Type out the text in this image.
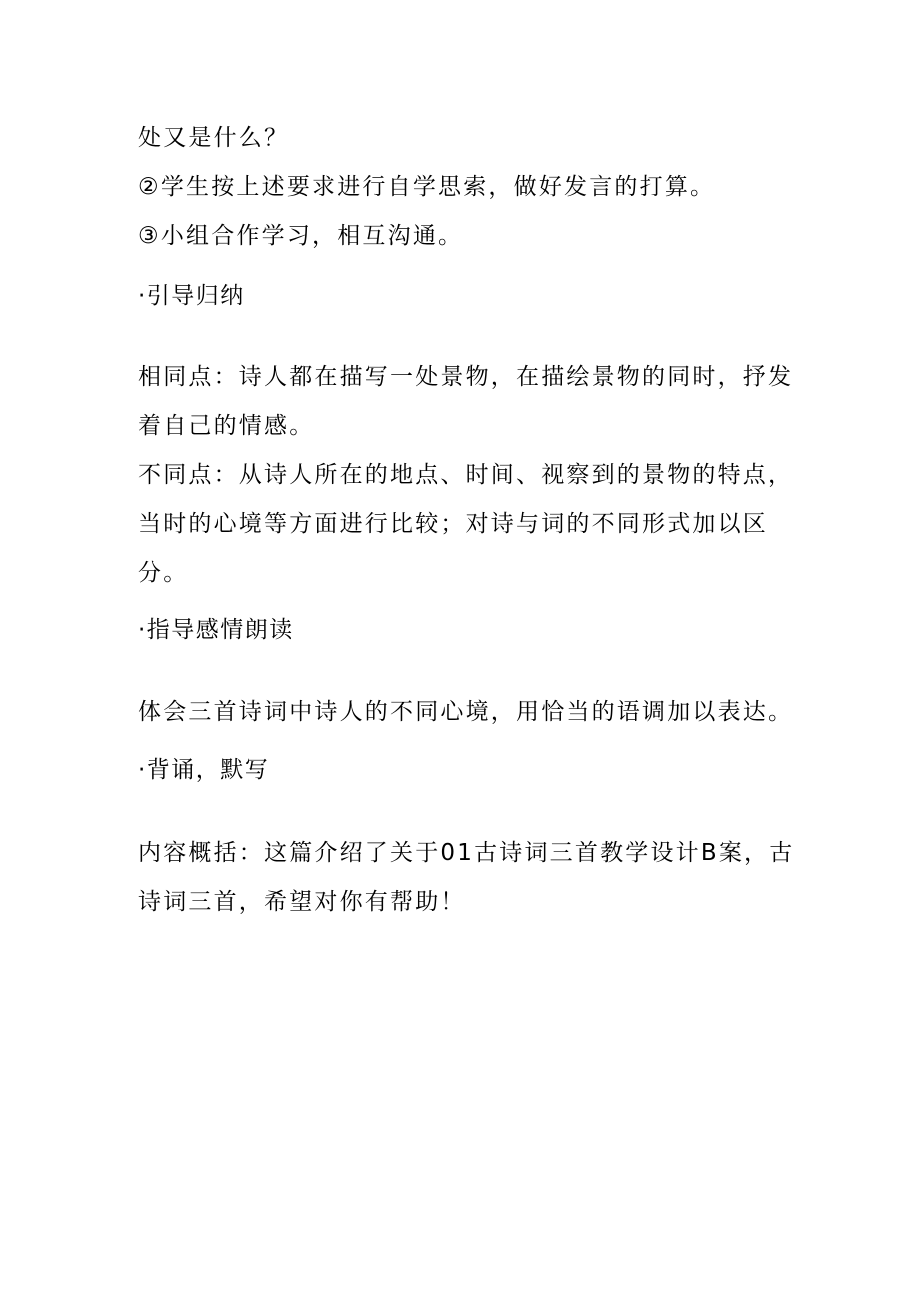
处又是什么？
②学生按上述要求进行自学思索，做好发言的打算。
③小组合作学习，相互沟通。
·引导归纳
相同点：诗人都在描写一处景物，在描绘景物的同时，抒发
着自己的情感。
不同点：从诗人所在的地点、时间、视察到的景物的特点，
当时的心境等方面进行比较；对诗与词的不同形式加以区
分。
·指导感情朗读
体会三首诗词中诗人的不同心境，用恰当的语调加以表达。
·背诵，默写
内容概括：这篇介绍了关于01古诗词三首教学设计B案，古
诗词三首，希望对你有帮助！
